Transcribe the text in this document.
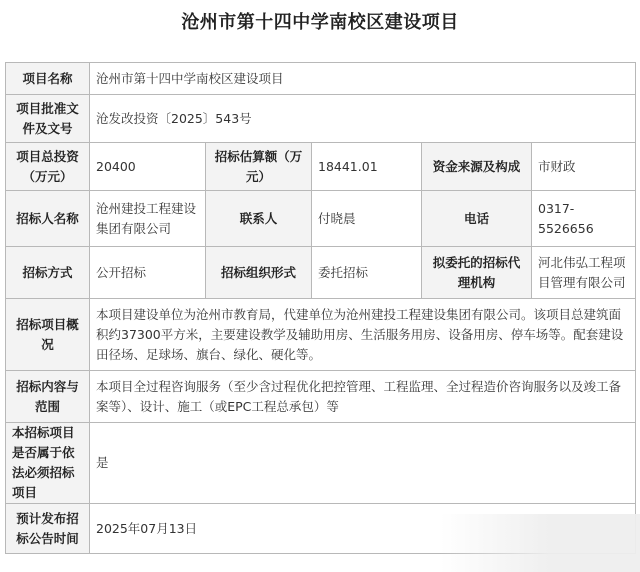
沧州市第十四中学南校区建设项目
项目名称	沧州市第十四中学南校区建设项目				
项目批准文件及文号	沧发改投资〔2025〕543号				
项目总投资（万元）	20400	招标估算额（万元）	18441.01	资金来源及构成	市财政
招标人名称	沧州建投工程建设集团有限公司	联系人	付晓晨	电话	0317-5526656
招标方式	公开招标	招标组织形式	委托招标	拟委托的招标代理机构	河北伟弘工程项目管理有限公司
招标项目概况	本项目建设单位为沧州市教育局，代建单位为沧州建投工程建设集团有限公司。该项目总建筑面积约37300平方米，主要建设教学及辅助用房、生活服务用房、设备用房、停车场等。配套建设田径场、足球场、旗台、绿化、硬化等。				
招标内容与范围	本项目全过程咨询服务（至少含过程优化把控管理、工程监理、全过程造价咨询服务以及竣工备案等）、设计、施工（或EPC工程总承包）等				
本招标项目是否属于依法必须招标项目	是				
预计发布招标公告时间	2025年07月13日				
